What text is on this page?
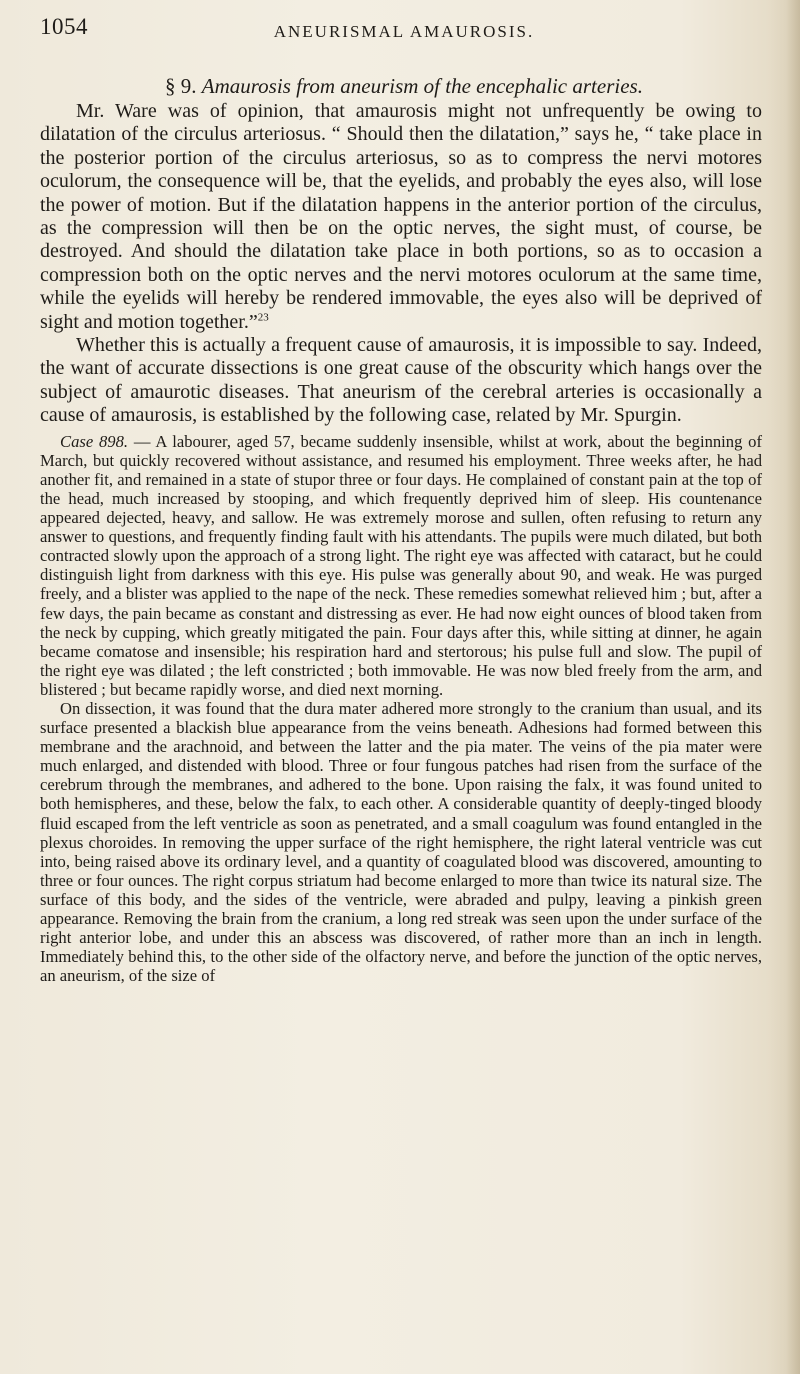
1054	ANEURISMAL AMAUROSIS.
§ 9. Amaurosis from aneurism of the encephalic arteries.

Mr. Ware was of opinion, that amaurosis might not unfrequently be owing to dilatation of the circulus arteriosus. “ Should then the dilatation,” says he, “ take place in the posterior portion of the circulus arteriosus, so as to compress the nervi motores oculorum, the consequence will be, that the eyelids, and probably the eyes also, will lose the power of motion. But if the dilatation happens in the anterior portion of the circulus, as the compression will then be on the optic nerves, the sight must, of course, be destroyed. And should the dilatation take place in both portions, so as to occasion a compression both on the optic nerves and the nervi motores oculorum at the same time, while the eyelids will hereby be rendered immovable, the eyes also will be deprived of sight and motion together.”$^{23}$

Whether this is actually a frequent cause of amaurosis, it is impossible to say. Indeed, the want of accurate dissections is one great cause of the obscurity which hangs over the subject of amaurotic diseases. That aneurism of the cerebral arteries is occasionally a cause of amaurosis, is established by the following case, related by Mr. Spurgin.

Case 898. — A labourer, aged 57, became suddenly insensible, whilst at work, about the beginning of March, but quickly recovered without assistance, and resumed his employment. Three weeks after, he had another fit, and remained in a state of stupor three or four days. He complained of constant pain at the top of the head, much increased by stooping, and which frequently deprived him of sleep. His countenance appeared dejected, heavy, and sallow. He was extremely morose and sullen, often refusing to return any answer to questions, and frequently finding fault with his attendants. The pupils were much dilated, but both contracted slowly upon the approach of a strong light. The right eye was affected with cataract, but he could distinguish light from darkness with this eye. His pulse was generally about 90, and weak. He was purged freely, and a blister was applied to the nape of the neck. These remedies somewhat relieved him ; but, after a few days, the pain became as constant and distressing as ever. He had now eight ounces of blood taken from the neck by cupping, which greatly mitigated the pain. Four days after this, while sitting at dinner, he again became comatose and insensible; his respiration hard and stertorous; his pulse full and slow. The pupil of the right eye was dilated ; the left constricted ; both immovable. He was now bled freely from the arm, and blistered ; but became rapidly worse, and died next morning.

On dissection, it was found that the dura mater adhered more strongly to the cranium than usual, and its surface presented a blackish blue appearance from the veins beneath. Adhesions had formed between this membrane and the arachnoid, and between the latter and the pia mater. The veins of the pia mater were much enlarged, and distended with blood. Three or four fungous patches had risen from the surface of the cerebrum through the membranes, and adhered to the bone. Upon raising the falx, it was found united to both hemispheres, and these, below the falx, to each other. A considerable quantity of deeply-tinged bloody fluid escaped from the left ventricle as soon as penetrated, and a small coagulum was found entangled in the plexus choroides. In removing the upper surface of the right hemisphere, the right lateral ventricle was cut into, being raised above its ordinary level, and a quantity of coagulated blood was discovered, amounting to three or four ounces. The right corpus striatum had become enlarged to more than twice its natural size. The surface of this body, and the sides of the ventricle, were abraded and pulpy, leaving a pinkish green appearance. Removing the brain from the cranium, a long red streak was seen upon the under surface of the right anterior lobe, and under this an abscess was discovered, of rather more than an inch in length. Immediately behind this, to the other side of the olfactory nerve, and before the junction of the optic nerves, an aneurism, of the size of
